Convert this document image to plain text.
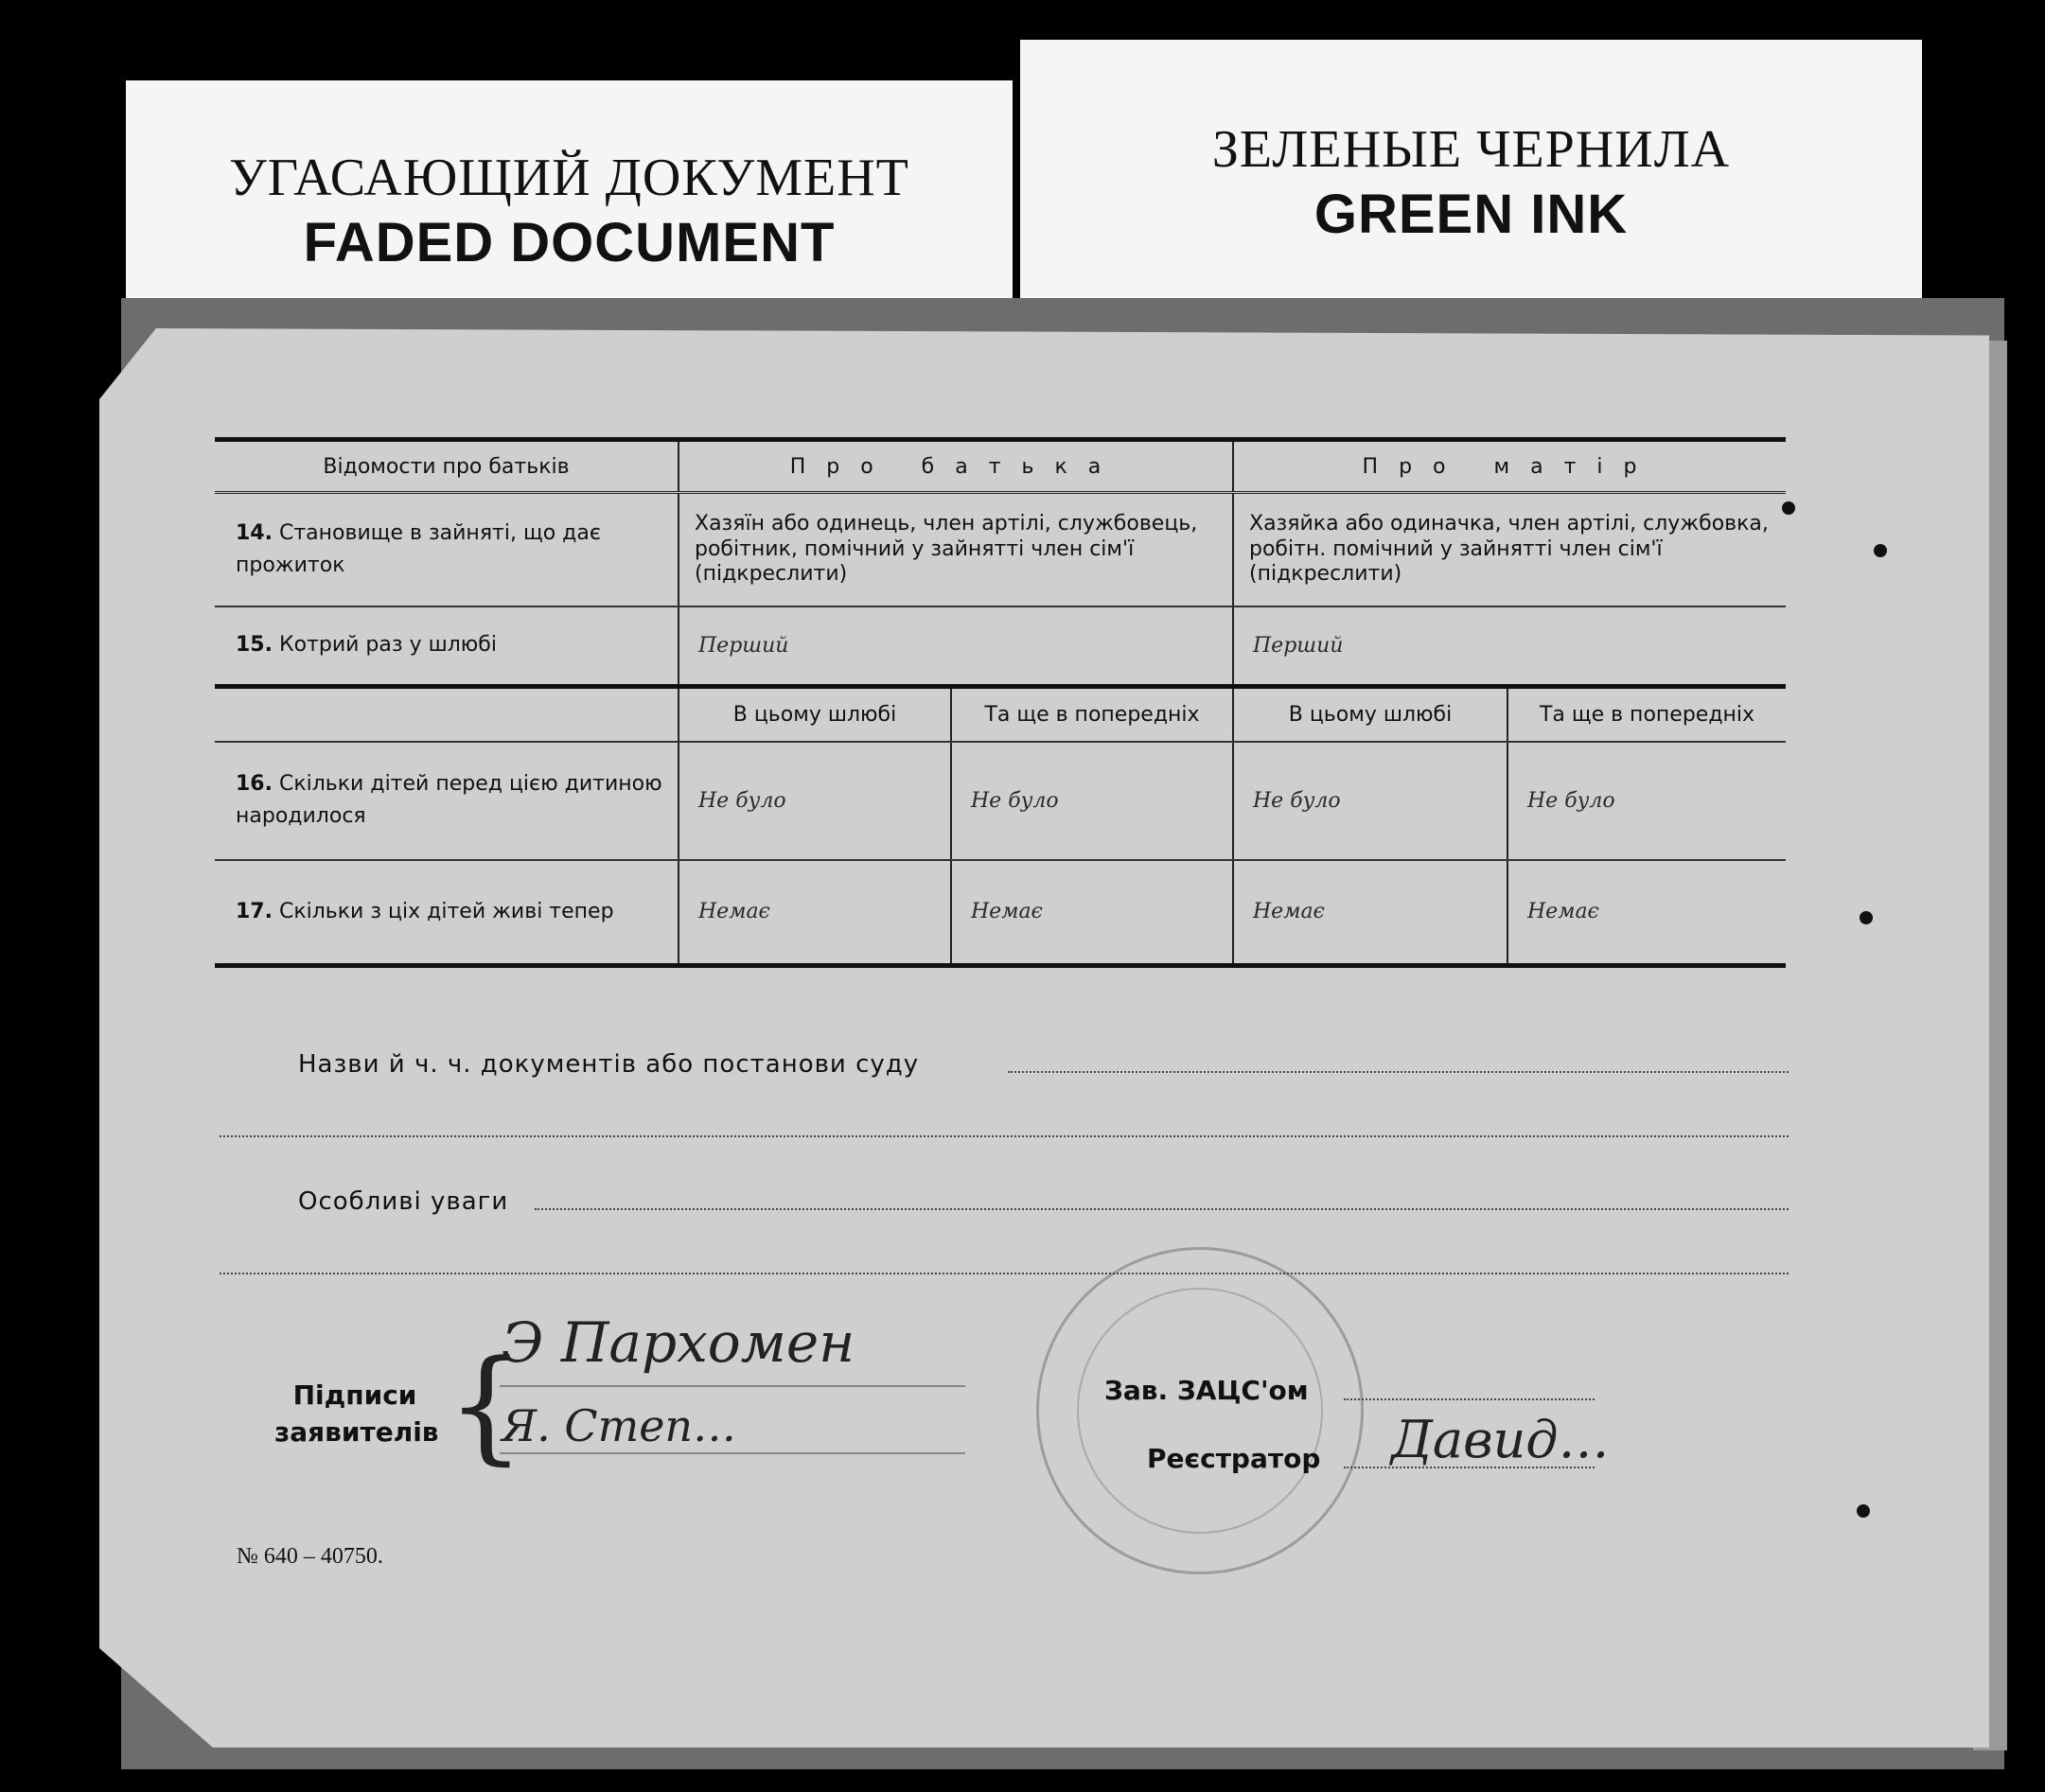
УГАСАЮЩИЙ ДОКУМЕНТ
FADED DOCUMENT
ЗЕЛЕНЫЕ ЧЕРНИЛА
GREEN INK
Відомости про батьків	Про батька		Про матір	
14. Становище в зайняті, що дає прожиток	Хазяїн або одинець, член артілі, службовець, робітник, помічний у зайнятті член сім'ї (підкреслити)		Хазяйка або одиначка, член артілі, службовка, робітн. помічний у зайнятті член сім'ї (підкреслити)	
15. Котрий раз у шлюбі	Перший		Перший	
	В цьому шлюбі	Та ще в попередніх	В цьому шлюбі	Та ще в попередніх
16. Скільки дітей перед цією дитиною народилося	Не було	Не було	Не було	Не було
17. Скільки з ціх дітей живі тепер	Немає	Немає	Немає	Немає
Назви й ч. ч. документів або постанови суду
Особливі уваги
Підписи
заявителів {
Э Пархомен
Я. Степ…
Зав. ЗАЦС'ом
Реєстратор Давид…
№ 640 – 40750.
